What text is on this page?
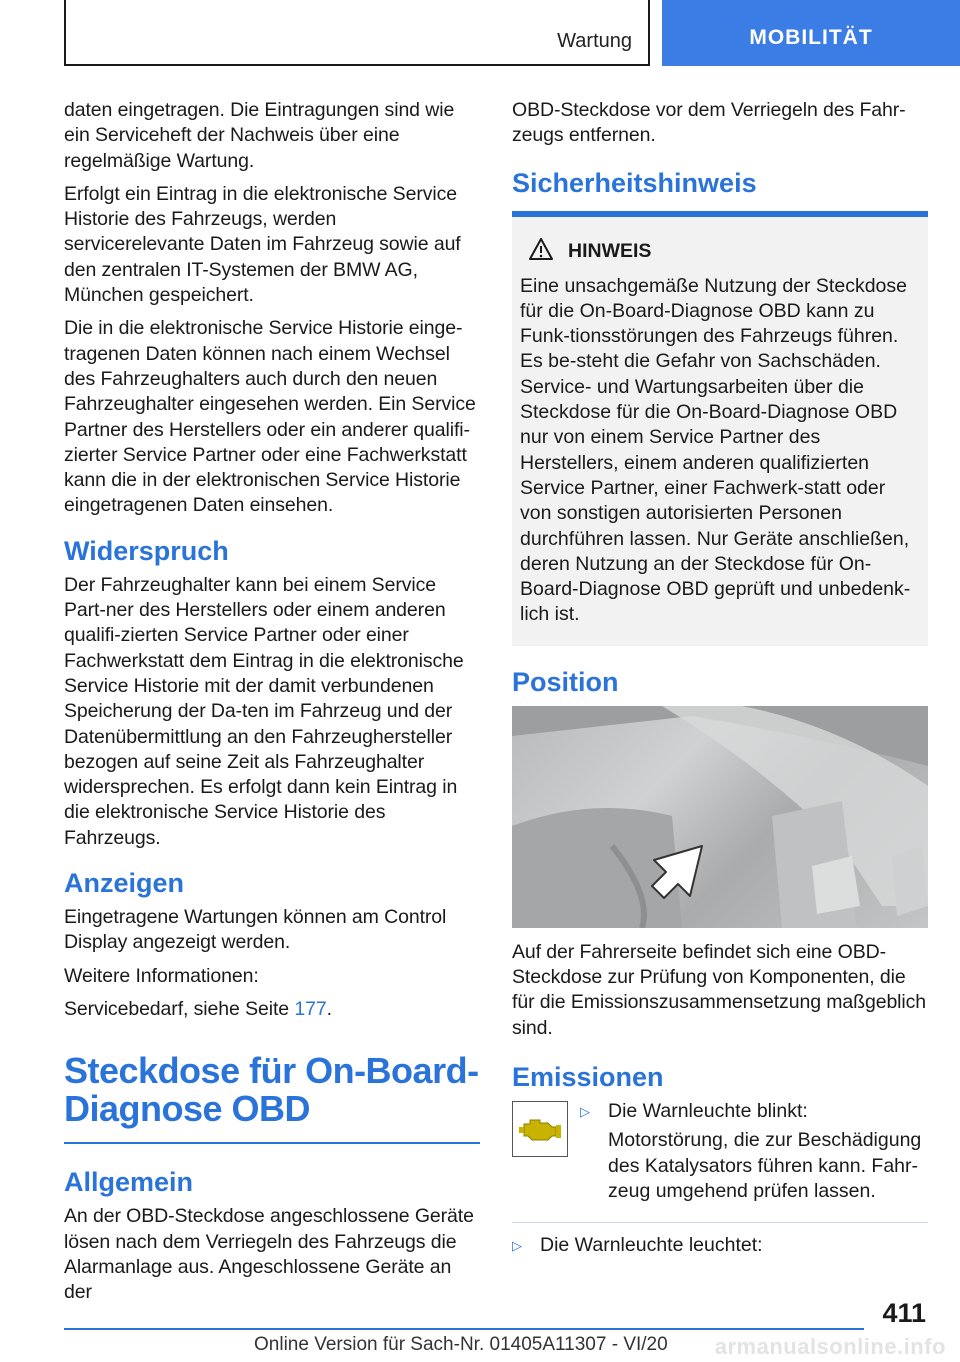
Wartung	MOBILITÄT

daten eingetragen. Die Eintragungen sind wie ein Serviceheft der Nachweis über eine regelmäßige Wartung.

Erfolgt ein Eintrag in die elektronische Service Historie des Fahrzeugs, werden servicerelevante Daten im Fahrzeug sowie auf den zentralen IT-Systemen der BMW AG, München gespeichert.

Die in die elektronische Service Historie einge‐tragenen Daten können nach einem Wechsel des Fahrzeughalters auch durch den neuen Fahrzeughalter eingesehen werden. Ein Service Partner des Herstellers oder ein anderer qualifi‐zierter Service Partner oder eine Fachwerkstatt kann die in der elektronischen Service Historie eingetragenen Daten einsehen.

Widerspruch

Der Fahrzeughalter kann bei einem Service Part‐ner des Herstellers oder einem anderen qualifi‐zierten Service Partner oder einer Fachwerkstatt dem Eintrag in die elektronische Service Historie mit der damit verbundenen Speicherung der Da‐ten im Fahrzeug und der Datenübermittlung an den Fahrzeughersteller bezogen auf seine Zeit als Fahrzeughalter widersprechen. Es erfolgt dann kein Eintrag in die elektronische Service Historie des Fahrzeugs.

Anzeigen

Eingetragene Wartungen können am Control Display angezeigt werden.

Weitere Informationen:

Servicebedarf, siehe Seite 177.

Steckdose für On-Board-Diagnose OBD
Allgemein

An der OBD-Steckdose angeschlossene Geräte lösen nach dem Verriegeln des Fahrzeugs die Alarmanlage aus. Angeschlossene Geräte an der

OBD-Steckdose vor dem Verriegeln des Fahr‐zeugs entfernen.

Sicherheitshinweis
HINWEIS

Eine unsachgemäße Nutzung der Steckdose für die On-Board-Diagnose OBD kann zu Funk‐tionsstörungen des Fahrzeugs führen. Es be‐steht die Gefahr von Sachschäden. Service- und Wartungsarbeiten über die Steckdose für die On-Board-Diagnose OBD nur von einem Service Partner des Herstellers, einem anderen qualifizierten Service Partner, einer Fachwerk‐statt oder von sonstigen autorisierten Personen durchführen lassen. Nur Geräte anschließen, deren Nutzung an der Steckdose für On-Board-Diagnose OBD geprüft und unbedenk‐lich ist.

Position

Auf der Fahrerseite befindet sich eine OBD-Steckdose zur Prüfung von Komponenten, die für die Emissionszusammensetzung maßgeblich sind.

Emissionen
▷ Die Warnleuchte blinkt:
Motorstörung, die zur Beschädigung des Katalysators führen kann. Fahr‐zeug umgehend prüfen lassen.
▷ Die Warnleuchte leuchtet:
411
Online Version für Sach-Nr. 01405A11307 - VI/20 armanualsonline.info
